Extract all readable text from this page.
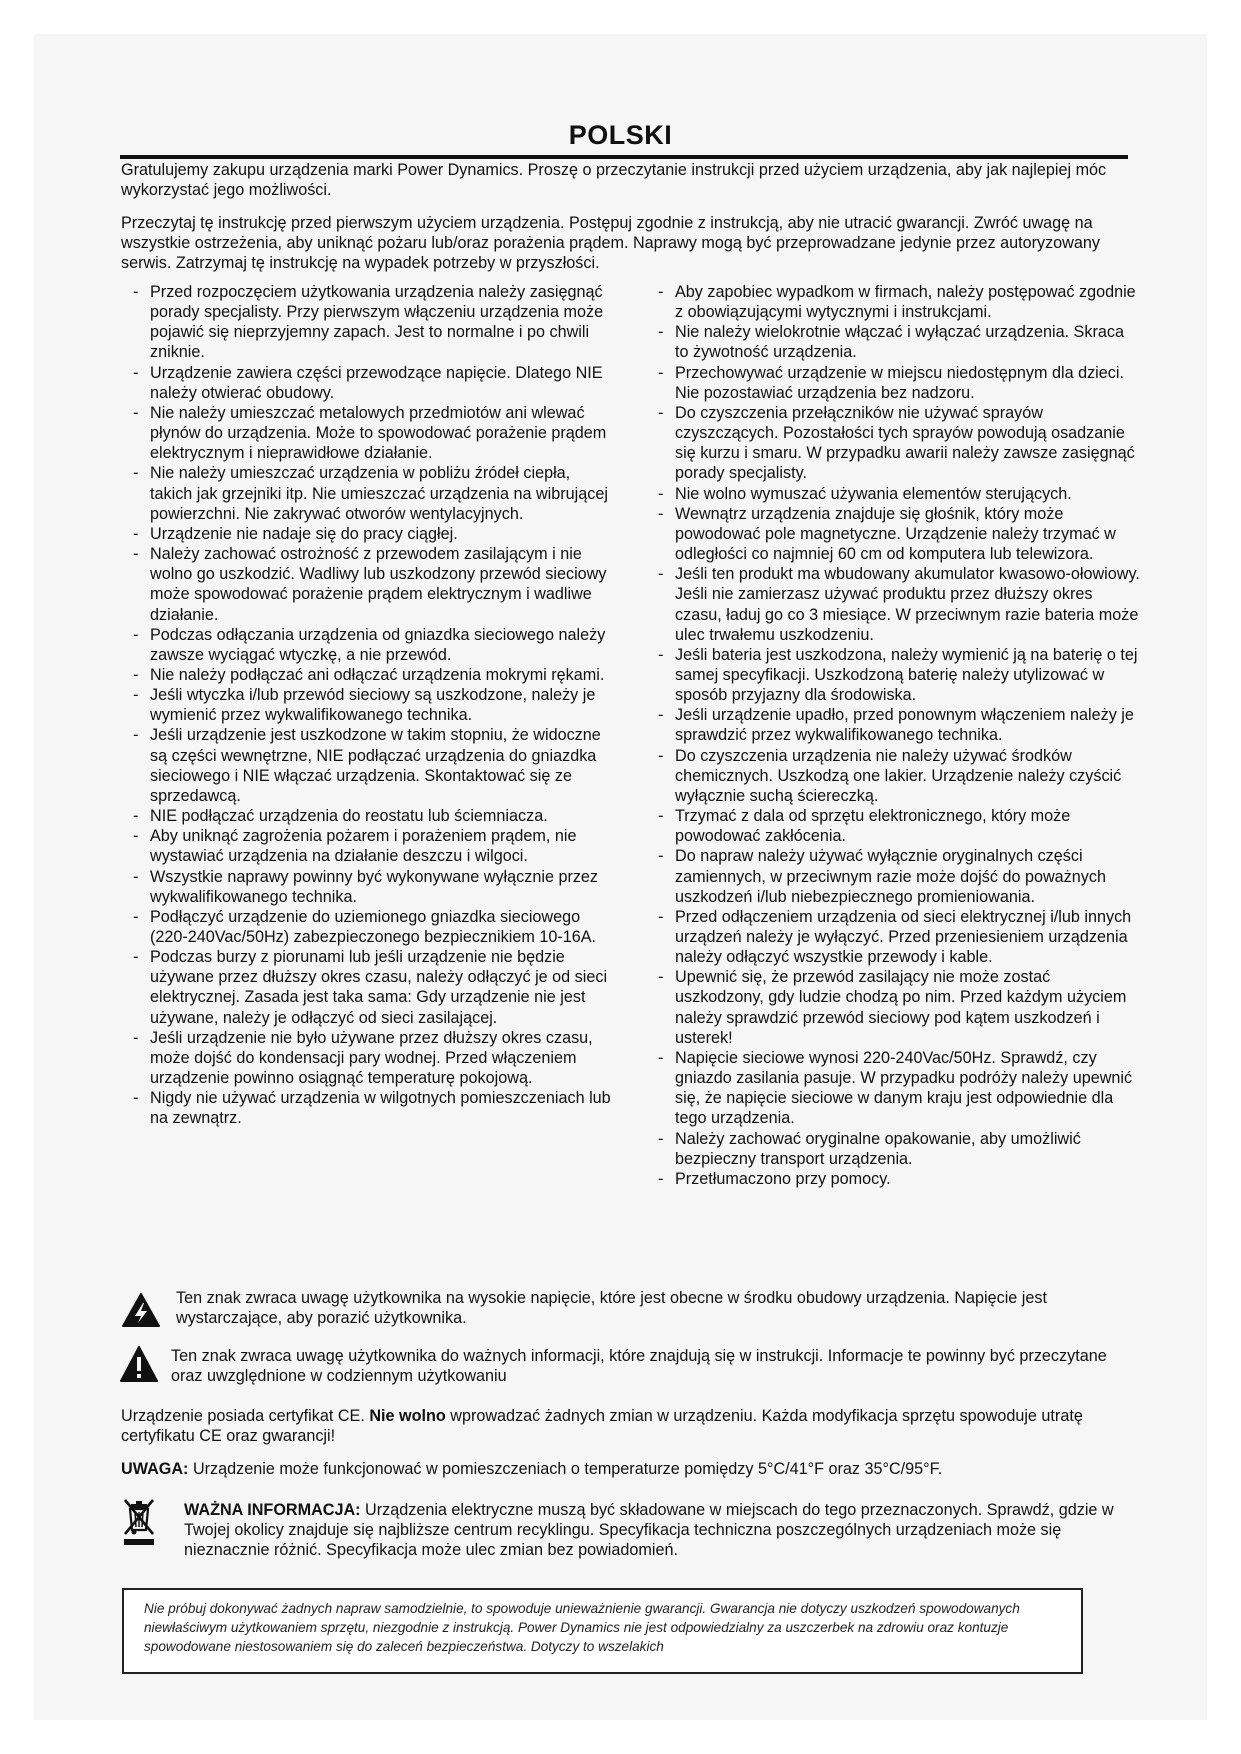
POLSKI
Gratulujemy zakupu urządzenia marki Power Dynamics. Proszę o przeczytanie instrukcji przed użyciem urządzenia, aby jak najlepiej móc wykorzystać jego możliwości.
Przeczytaj tę instrukcję przed pierwszym użyciem urządzenia. Postępuj zgodnie z instrukcją, aby nie utracić gwarancji. Zwróć uwagę na wszystkie ostrzeżenia, aby uniknąć pożaru lub/oraz porażenia prądem. Naprawy mogą być przeprowadzane jedynie przez autoryzowany serwis. Zatrzymaj tę instrukcję na wypadek potrzeby w przyszłości.
- Przed rozpoczęciem użytkowania urządzenia należy zasięgnąć porady specjalisty. Przy pierwszym włączeniu urządzenia może pojawić się nieprzyjemny zapach. Jest to normalne i po chwili zniknie.
- Urządzenie zawiera części przewodzące napięcie. Dlatego NIE należy otwierać obudowy.
- Nie należy umieszczać metalowych przedmiotów ani wlewać płynów do urządzenia. Może to spowodować porażenie prądem elektrycznym i nieprawidłowe działanie.
- Nie należy umieszczać urządzenia w pobliżu źródeł ciepła, takich jak grzejniki itp. Nie umieszczać urządzenia na wibrującej powierzchni. Nie zakrywać otworów wentylacyjnych.
- Urządzenie nie nadaje się do pracy ciągłej.
- Należy zachować ostrożność z przewodem zasilającym i nie wolno go uszkodzić. Wadliwy lub uszkodzony przewód sieciowy może spowodować porażenie prądem elektrycznym i wadliwe działanie.
- Podczas odłączania urządzenia od gniazdka sieciowego należy zawsze wyciągać wtyczkę, a nie przewód.
- Nie należy podłączać ani odłączać urządzenia mokrymi rękami.
- Jeśli wtyczka i/lub przewód sieciowy są uszkodzone, należy je wymienić przez wykwalifikowanego technika.
- Jeśli urządzenie jest uszkodzone w takim stopniu, że widoczne są części wewnętrzne, NIE podłączać urządzenia do gniazdka sieciowego i NIE włączać urządzenia. Skontaktować się ze sprzedawcą.
- NIE podłączać urządzenia do reostatu lub ściemniacza.
- Aby uniknąć zagrożenia pożarem i porażeniem prądem, nie wystawiać urządzenia na działanie deszczu i wilgoci.
- Wszystkie naprawy powinny być wykonywane wyłącznie przez wykwalifikowanego technika.
- Podłączyć urządzenie do uziemionego gniazdka sieciowego (220-240Vac/50Hz) zabezpieczonego bezpiecznikiem 10-16A.
- Podczas burzy z piorunami lub jeśli urządzenie nie będzie używane przez dłuższy okres czasu, należy odłączyć je od sieci elektrycznej. Zasada jest taka sama: Gdy urządzenie nie jest używane, należy je odłączyć od sieci zasilającej.
- Jeśli urządzenie nie było używane przez dłuższy okres czasu, może dojść do kondensacji pary wodnej. Przed włączeniem urządzenie powinno osiągnąć temperaturę pokojową.
- Nigdy nie używać urządzenia w wilgotnych pomieszczeniach lub na zewnątrz.
- Aby zapobiec wypadkom w firmach, należy postępować zgodnie z obowiązującymi wytycznymi i instrukcjami.
- Nie należy wielokrotnie włączać i wyłączać urządzenia. Skraca to żywotność urządzenia.
- Przechowywać urządzenie w miejscu niedostępnym dla dzieci. Nie pozostawiać urządzenia bez nadzoru.
- Do czyszczenia przełączników nie używać sprayów czyszczących. Pozostałości tych sprayów powodują osadzanie się kurzu i smaru. W przypadku awarii należy zawsze zasięgnąć porady specjalisty.
- Nie wolno wymuszać używania elementów sterujących.
- Wewnątrz urządzenia znajduje się głośnik, który może powodować pole magnetyczne. Urządzenie należy trzymać w odległości co najmniej 60 cm od komputera lub telewizora.
- Jeśli ten produkt ma wbudowany akumulator kwasowo-ołowiowy. Jeśli nie zamierzasz używać produktu przez dłuższy okres czasu, ładuj go co 3 miesiące. W przeciwnym razie bateria może ulec trwałemu uszkodzeniu.
- Jeśli bateria jest uszkodzona, należy wymienić ją na baterię o tej samej specyfikacji. Uszkodzoną baterię należy utylizować w sposób przyjazny dla środowiska.
- Jeśli urządzenie upadło, przed ponownym włączeniem należy je sprawdzić przez wykwalifikowanego technika.
- Do czyszczenia urządzenia nie należy używać środków chemicznych. Uszkodzą one lakier. Urządzenie należy czyścić wyłącznie suchą ściereczką.
- Trzymać z dala od sprzętu elektronicznego, który może powodować zakłócenia.
- Do napraw należy używać wyłącznie oryginalnych części zamiennych, w przeciwnym razie może dojść do poważnych uszkodzeń i/lub niebezpiecznego promieniowania.
- Przed odłączeniem urządzenia od sieci elektrycznej i/lub innych urządzeń należy je wyłączyć. Przed przeniesieniem urządzenia należy odłączyć wszystkie przewody i kable.
- Upewnić się, że przewód zasilający nie może zostać uszkodzony, gdy ludzie chodzą po nim. Przed każdym użyciem należy sprawdzić przewód sieciowy pod kątem uszkodzeń i usterek!
- Napięcie sieciowe wynosi 220-240Vac/50Hz. Sprawdź, czy gniazdo zasilania pasuje. W przypadku podróży należy upewnić się, że napięcie sieciowe w danym kraju jest odpowiednie dla tego urządzenia.
- Należy zachować oryginalne opakowanie, aby umożliwić bezpieczny transport urządzenia.
- Przetłumaczono przy pomocy.
Ten znak zwraca uwagę użytkownika na wysokie napięcie, które jest obecne w środku obudowy urządzenia. Napięcie jest wystarczające, aby porazić użytkownika.
Ten znak zwraca uwagę użytkownika do ważnych informacji, które znajdują się w instrukcji. Informacje te powinny być przeczytane oraz uwzględnione w codziennym użytkowaniu
Urządzenie posiada certyfikat CE. Nie wolno wprowadzać żadnych zmian w urządzeniu. Każda modyfikacja sprzętu spowoduje utratę certyfikatu CE oraz gwarancji!
UWAGA: Urządzenie może funkcjonować w pomieszczeniach o temperaturze pomiędzy 5°C/41°F oraz 35°C/95°F.
WAŻNA INFORMACJA: Urządzenia elektryczne muszą być składowane w miejscach do tego przeznaczonych. Sprawdź, gdzie w Twojej okolicy znajduje się najbliższe centrum recyklingu. Specyfikacja techniczna poszczególnych urządzeniach może się nieznacznie różnić. Specyfikacja może ulec zmian bez powiadomień.
Nie próbuj dokonywać żadnych napraw samodzielnie, to spowoduje unieważnienie gwarancji. Gwarancja nie dotyczy uszkodzeń spowodowanych niewłaściwym użytkowaniem sprzętu, niezgodnie z instrukcją. Power Dynamics nie jest odpowiedzialny za uszczerbek na zdrowiu oraz kontuzje spowodowane niestosowaniem się do zaleceń bezpieczeństwa. Dotyczy to wszelakich
